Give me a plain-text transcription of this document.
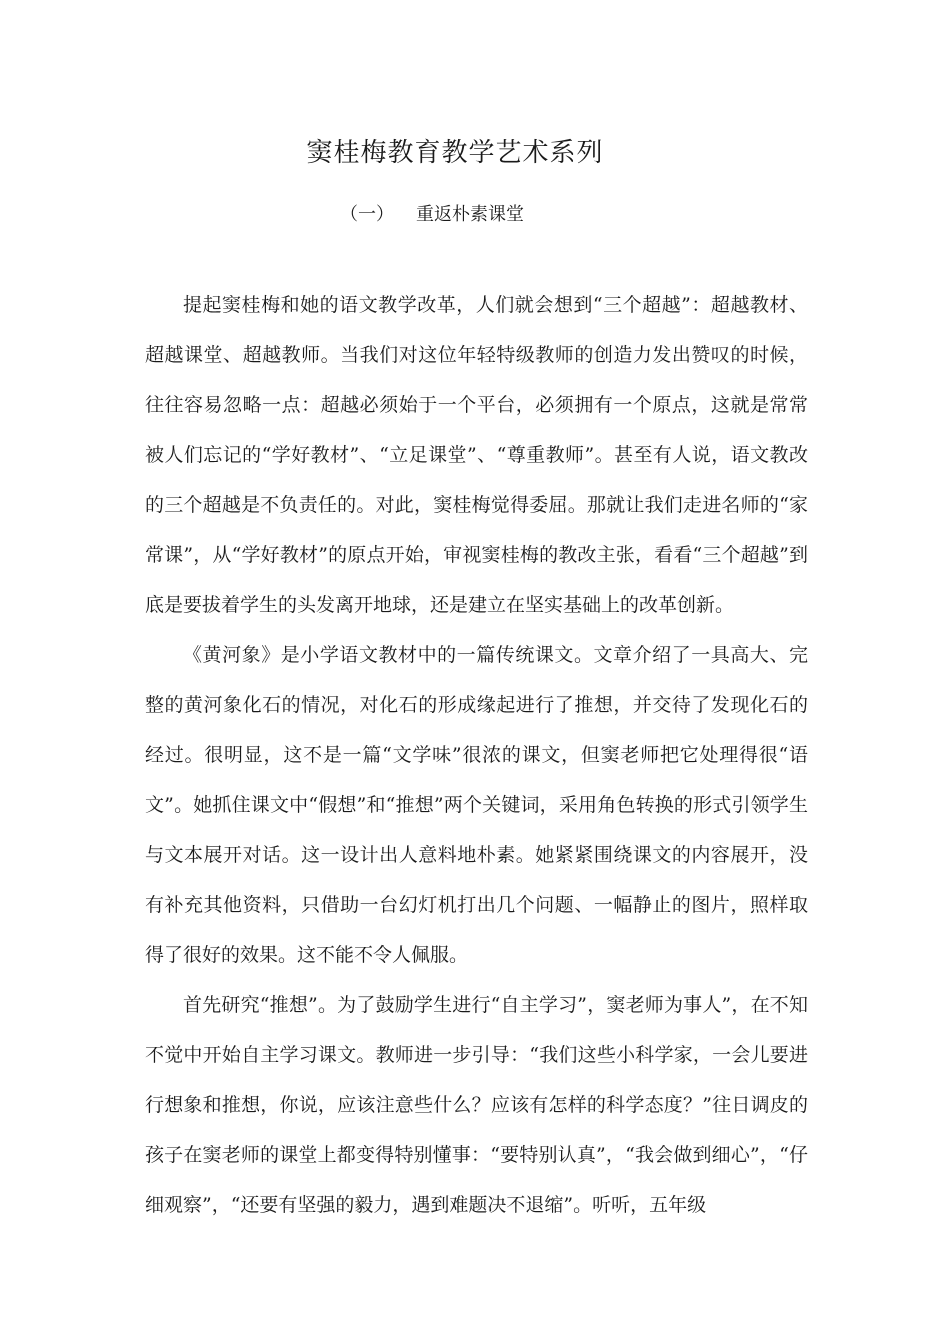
窦桂梅教育教学艺术系列
（一） 重返朴素课堂

提起窦桂梅和她的语文教学改革，人们就会想到“三个超越”：超越教材、超越课堂、超越教师。当我们对这位年轻特级教师的创造力发出赞叹的时候，往往容易忽略一点：超越必须始于一个平台，必须拥有一个原点，这就是常常被人们忘记的“学好教材”、“立足课堂”、“尊重教师”。甚至有人说，语文教改的三个超越是不负责任的。对此，窦桂梅觉得委屈。那就让我们走进名师的“家常课”，从“学好教材”的原点开始，审视窦桂梅的教改主张，看看“三个超越”到底是要拔着学生的头发离开地球，还是建立在坚实基础上的改革创新。

《黄河象》是小学语文教材中的一篇传统课文。文章介绍了一具高大、完整的黄河象化石的情况，对化石的形成缘起进行了推想，并交待了发现化石的经过。很明显，这不是一篇“文学味”很浓的课文，但窦老师把它处理得很“语文”。她抓住课文中“假想”和“推想”两个关键词，采用角色转换的形式引领学生与文本展开对话。这一设计出人意料地朴素。她紧紧围绕课文的内容展开，没有补充其他资料，只借助一台幻灯机打出几个问题、一幅静止的图片，照样取得了很好的效果。这不能不令人佩服。

首先研究“推想”。为了鼓励学生进行“自主学习”，窦老师为事人”，在不知不觉中开始自主学习课文。教师进一步引导：“我们这些小科学家，一会儿要进行想象和推想，你说，应该注意些什么？应该有怎样的科学态度？”往日调皮的孩子在窦老师的课堂上都变得特别懂事：“要特别认真”，“我会做到细心”，“仔细观察”，“还要有坚强的毅力，遇到难题决不退缩”。听听，五年级
